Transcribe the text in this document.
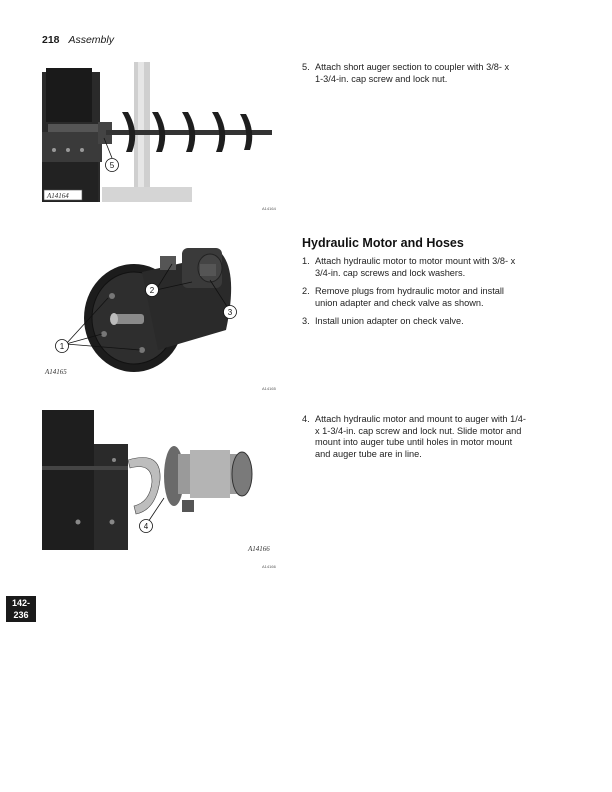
218 Assembly
5
A14164
A14164
2
3
1
A14165
A14165
4
A14166
A14166
5. Attach short auger section to coupler with 3/8- x
1-3/4-in. cap screw and lock nut.
Hydraulic Motor and Hoses
1. Attach hydraulic motor to motor mount with 3/8- x
3/4-in. cap screws and lock washers.
2. Remove plugs from hydraulic motor and install
union adapter and check valve as shown.
3. Install union adapter on check valve.
4. Attach hydraulic motor and mount to auger with 1/4-
x 1-3/4-in. cap screw and lock nut. Slide motor and
mount into auger tube until holes in motor mount
and auger tube are in line.
142-
236
